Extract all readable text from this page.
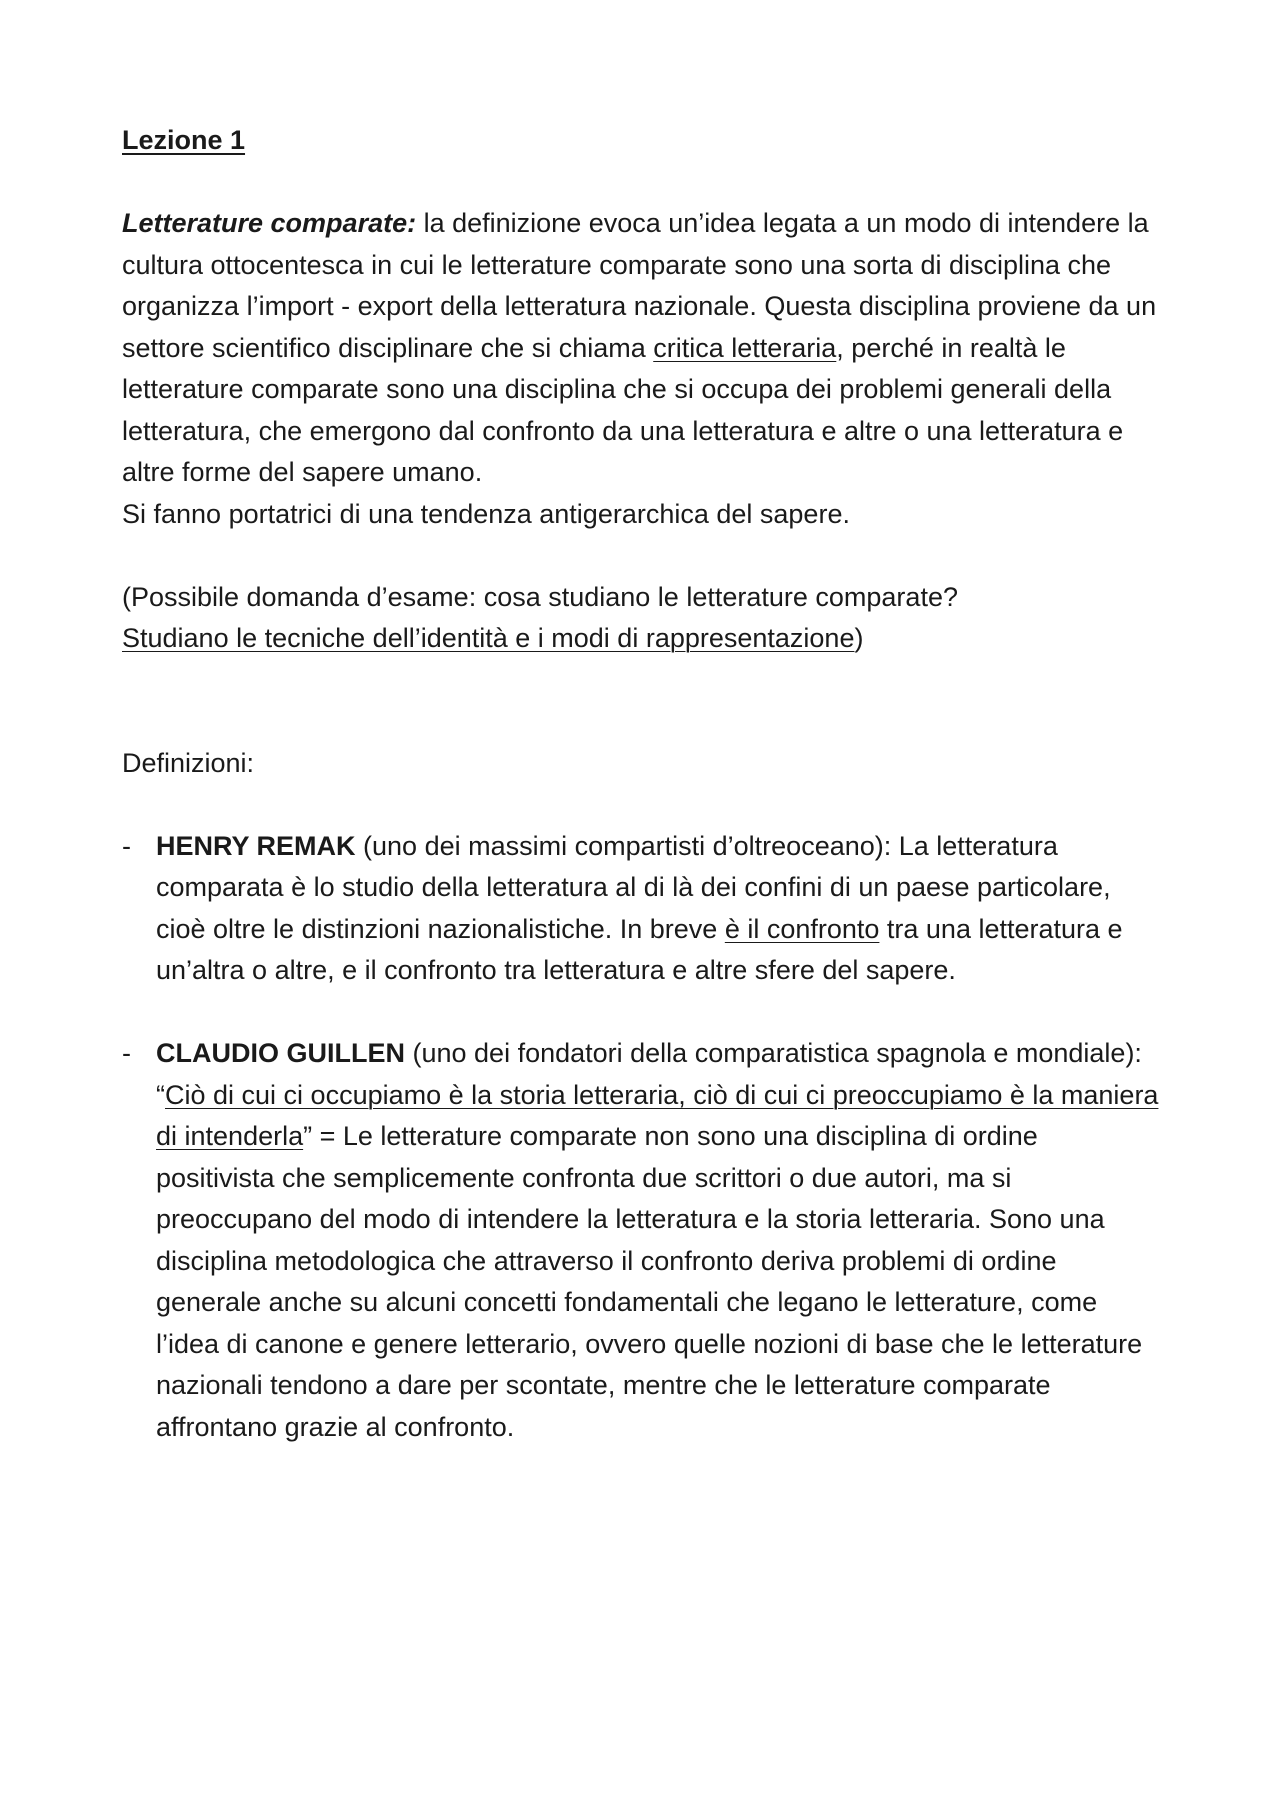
Lezione 1

Letterature comparate: la definizione evoca un’idea legata a un modo di intendere la cultura ottocentesca in cui le letterature comparate sono una sorta di disciplina che organizza l’import - export della letteratura nazionale. Questa disciplina proviene da un settore scientifico disciplinare che si chiama critica letteraria, perché in realtà le letterature comparate sono una disciplina che si occupa dei problemi generali della letteratura, che emergono dal confronto da una letteratura e altre o una letteratura e altre forme del sapere umano.

Si fanno portatrici di una tendenza antigerarchica del sapere.

(Possibile domanda d’esame: cosa studiano le letterature comparate?
Studiano le tecniche dell’identità e i modi di rappresentazione)

Definizioni:

- HENRY REMAK (uno dei massimi compartisti d’oltreoceano): La letteratura comparata è lo studio della letteratura al di là dei confini di un paese particolare, cioè oltre le distinzioni nazionalistiche. In breve è il confronto tra una letteratura e un’altra o altre, e il confronto tra letteratura e altre sfere del sapere.
- CLAUDIO GUILLEN (uno dei fondatori della comparatistica spagnola e mondiale): “Ciò di cui ci occupiamo è la storia letteraria, ciò di cui ci preoccupiamo è la maniera di intenderla” = Le letterature comparate non sono una disciplina di ordine positivista che semplicemente confronta due scrittori o due autori, ma si preoccupano del modo di intendere la letteratura e la storia letteraria. Sono una disciplina metodologica che attraverso il confronto deriva problemi di ordine generale anche su alcuni concetti fondamentali che legano le letterature, come l’idea di canone e genere letterario, ovvero quelle nozioni di base che le letterature nazionali tendono a dare per scontate, mentre che le letterature comparate affrontano grazie al confronto.
